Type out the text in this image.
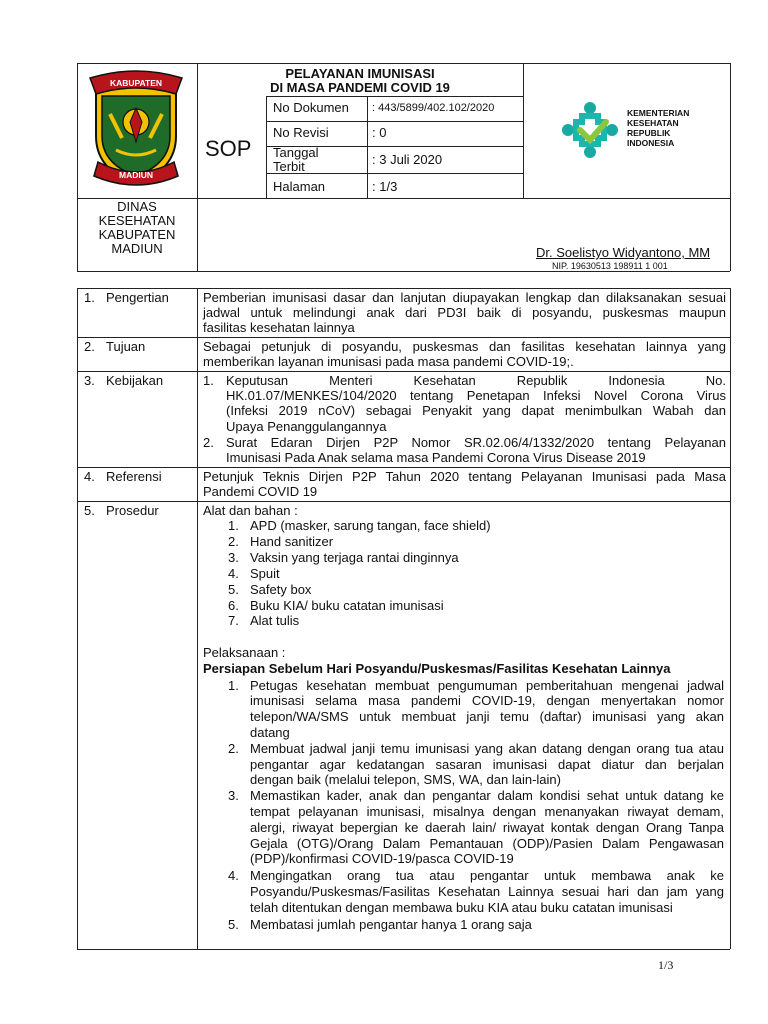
KABUPATEN
MADIUN
PELAYANAN IMUNISASI
DI MASA PANDEMI COVID 19
SOP
No Dokumen : 443/5899/402.102/2020
No Revisi	: 0
Tanggal
Terbit	: 3 Juli 2020
Halaman	: 1/3
KEMENTERIAN
KESEHATAN
REPUBLIK
INDONESIA
DINAS
KESEHATAN
KABUPATEN
MADIUN	Dr. Soelistyo Widyantono, MM
NIP. 19630513 198911 1 001
1. Pengertian	Pemberian imunisasi dasar dan lanjutan diupayakan lengkap dan dilaksanakan sesuai
jadwal untuk melindungi anak dari PD3I baik di posyandu, puskesmas maupun
fasilitas kesehatan lainnya
2. Tujuan	Sebagai petunjuk di posyandu, puskesmas dan fasilitas kesehatan lainnya yang
memberikan layanan imunisasi pada masa pandemi COVID-19;.
3. Kebijakan	1. Keputusan Menteri Kesehatan Republik Indonesia No.
HK.01.07/MENKES/104/2020 tentang Penetapan Infeksi Novel Corona Virus
(Infeksi 2019 nCoV) sebagai Penyakit yang dapat menimbulkan Wabah dan
Upaya Penanggulangannya
2. Surat Edaran Dirjen P2P Nomor SR.02.06/4/1332/2020 tentang Pelayanan
Imunisasi Pada Anak selama masa Pandemi Corona Virus Disease 2019
4. Referensi	Petunjuk Teknis Dirjen P2P Tahun 2020 tentang Pelayanan Imunisasi pada Masa
Pandemi COVID 19
5. Prosedur	Alat dan bahan :
1. APD (masker, sarung tangan, face shield)
2. Hand sanitizer
3. Vaksin yang terjaga rantai dinginnya
4. Spuit
5. Safety box
6. Buku KIA/ buku catatan imunisasi
7. Alat tulis
Pelaksanaan :
Persiapan Sebelum Hari Posyandu/Puskesmas/Fasilitas Kesehatan Lainnya
1. Petugas kesehatan membuat pengumuman pemberitahuan mengenai jadwal
imunisasi selama masa pandemi COVID-19, dengan menyertakan nomor
telepon/WA/SMS untuk membuat janji temu (daftar) imunisasi yang akan
datang
2. Membuat jadwal janji temu imunisasi yang akan datang dengan orang tua atau
pengantar agar kedatangan sasaran imunisasi dapat diatur dan berjalan
dengan baik (melalui telepon, SMS, WA, dan lain-lain)
3. Memastikan kader, anak dan pengantar dalam kondisi sehat untuk datang ke
tempat pelayanan imunisasi, misalnya dengan menanyakan riwayat demam,
alergi, riwayat bepergian ke daerah lain/ riwayat kontak dengan Orang Tanpa
Gejala (OTG)/Orang Dalam Pemantauan (ODP)/Pasien Dalam Pengawasan
(PDP)/konfirmasi COVID-19/pasca COVID-19
4. Mengingatkan orang tua atau pengantar untuk membawa anak ke
Posyandu/Puskesmas/Fasilitas Kesehatan Lainnya sesuai hari dan jam yang
telah ditentukan dengan membawa buku KIA atau buku catatan imunisasi
5. Membatasi jumlah pengantar hanya 1 orang saja
1/3
